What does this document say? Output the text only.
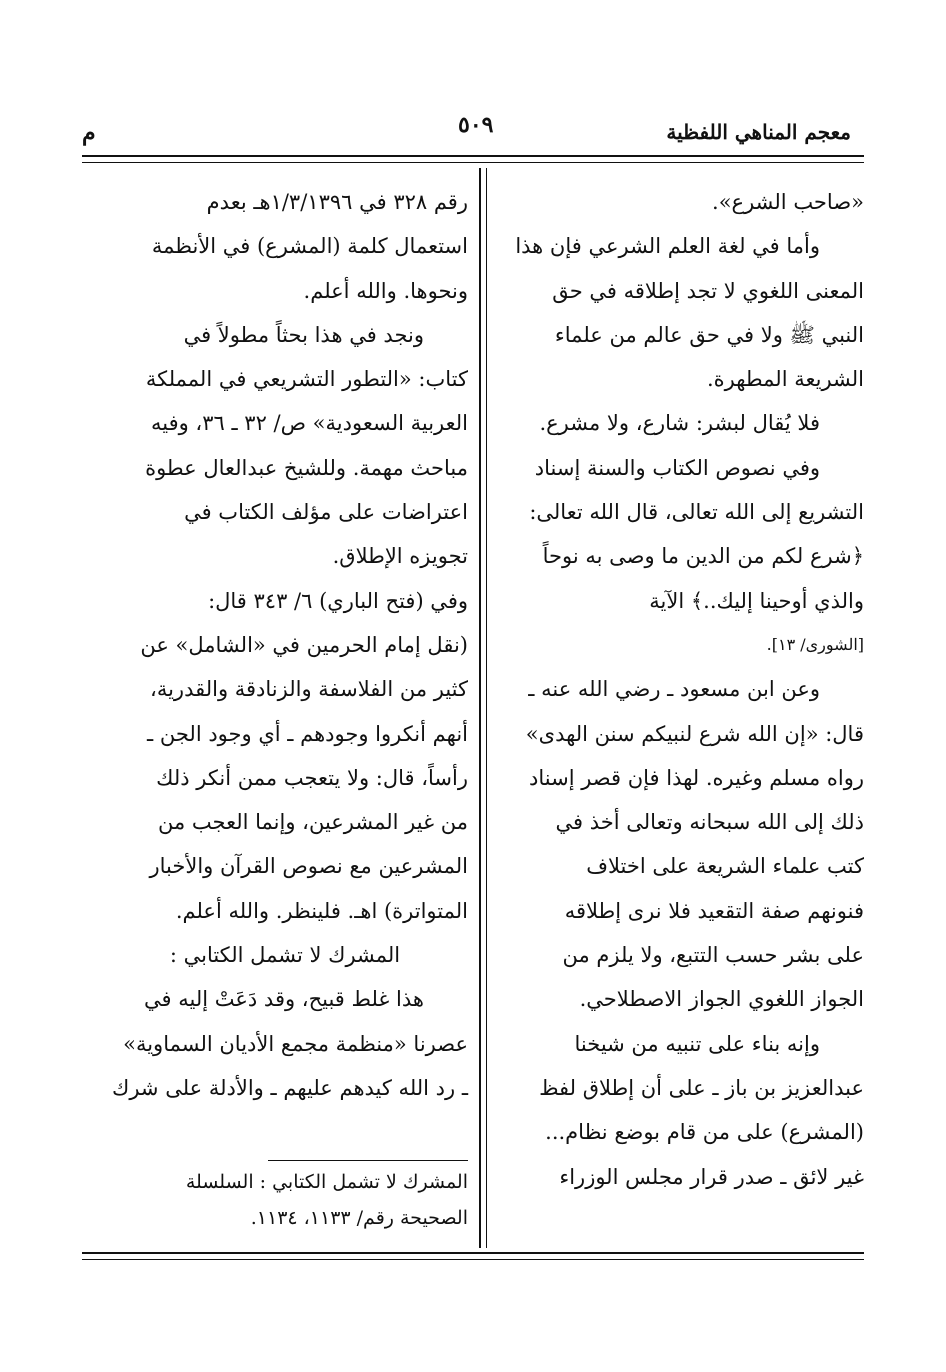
معجم المناهي اللفظية
٥٠٩
م

«صاحب الشرع».

وأما في لغة العلم الشرعي فإن هذا

المعنى اللغوي لا تجد إطلاقه في حق

النبي ﷺ ولا في حق عالم من علماء

الشريعة المطهرة.

فلا يُقال لبشر: شارع، ولا مشرع.

وفي نصوص الكتاب والسنة إسناد

التشريع إلى الله تعالى، قال الله تعالى:

﴿شرع لكم من الدين ما وصى به نوحاً

والذي أوحينا إليك..﴾ الآية

[الشورى/ ١٣].

وعن ابن مسعود ـ رضي الله عنه ـ

قال: «إن الله شرع لنبيكم سنن الهدى»

رواه مسلم وغيره. لهذا فإن قصر إسناد

ذلك إلى الله سبحانه وتعالى أخذ في

كتب علماء الشريعة على اختلاف

فنونهم صفة التقعيد فلا نرى إطلاقه

على بشر حسب التتبع، ولا يلزم من

الجواز اللغوي الجواز الاصطلاحي.

وإنه بناء على تنبيه من شيخنا

عبدالعزيز بن باز ـ على أن إطلاق لفظ

(المشرع) على من قام بوضع نظام...

غير لائق ـ صدر قرار مجلس الوزراء

رقم ٣٢٨ في ١/٣/١٣٩٦هـ بعدم

استعمال كلمة (المشرع) في الأنظمة

ونحوها. والله أعلم.

ونجد في هذا بحثاً مطولاً في

كتاب: «التطور التشريعي في المملكة

العربية السعودية» ص/ ٣٢ ـ ٣٦، وفيه

مباحث مهمة. وللشيخ عبدالعال عطوة

اعتراضات على مؤلف الكتاب في

تجويزه الإطلاق.

وفي (فتح الباري) ٦/ ٣٤٣ قال:

(نقل إمام الحرمين في «الشامل» عن

كثير من الفلاسفة والزنادقة والقدرية،

أنهم أنكروا وجودهم ـ أي وجود الجن ـ

رأساً، قال: ولا يتعجب ممن أنكر ذلك

من غير المشرعين، وإنما العجب من

المشرعين مع نصوص القرآن والأخبار

المتواترة) اهـ. فلينظر. والله أعلم.

المشرك لا تشمل الكتابي :

هذا غلط قبيح، وقد دَعَتْ إليه في

عصرنا «منظمة مجمع الأديان السماوية»

ـ رد الله كيدهم عليهم ـ والأدلة على شرك

المشرك لا تشمل الكتابي : السلسلة
الصحيحة رقم/ ١١٣٣، ١١٣٤.
